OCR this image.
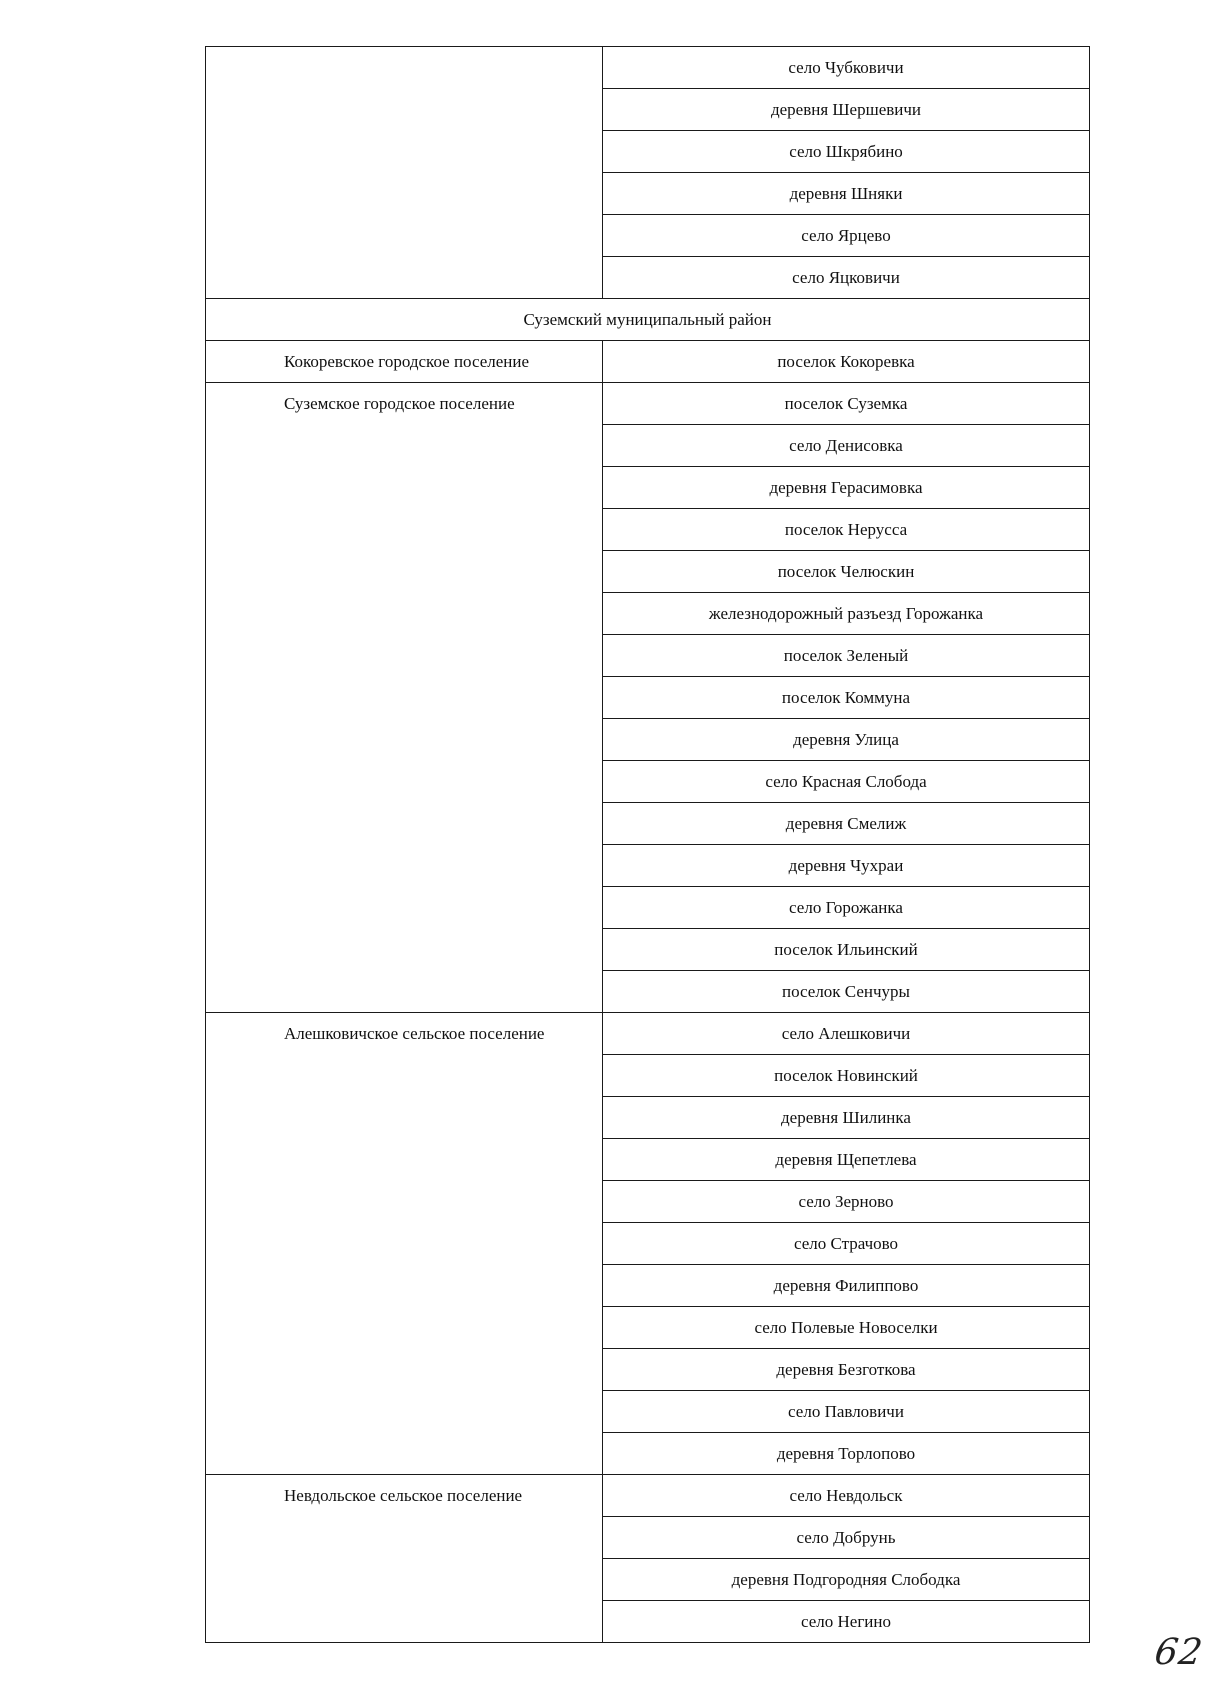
	село Чубковичи
	деревня Шершевичи
	село Шкрябино
	деревня Шняки
	село Ярцево
	село Яцковичи
Суземский муниципальный район	
Кокоревское городское поселение	поселок Кокоревка
Суземское городское поселение	поселок Суземка
	село Денисовка
	деревня Герасимовка
	поселок Нерусса
	поселок Челюскин
	железнодорожный разъезд Горожанка
	поселок Зеленый
	поселок Коммуна
	деревня Улица
	село Красная Слобода
	деревня Смелиж
	деревня Чухраи
	село Горожанка
	поселок Ильинский
	поселок Сенчуры
Алешковичское сельское поселение	село Алешковичи
	поселок Новинский
	деревня Шилинка
	деревня Щепетлева
	село Зерново
	село Страчово
	деревня Филиппово
	село Полевые Новоселки
	деревня Безготкова
	село Павловичи
	деревня Торлопово
Невдольское сельское поселение	село Невдольск
	село Добрунь
	деревня Подгородняя Слободка
	село Негино
62
